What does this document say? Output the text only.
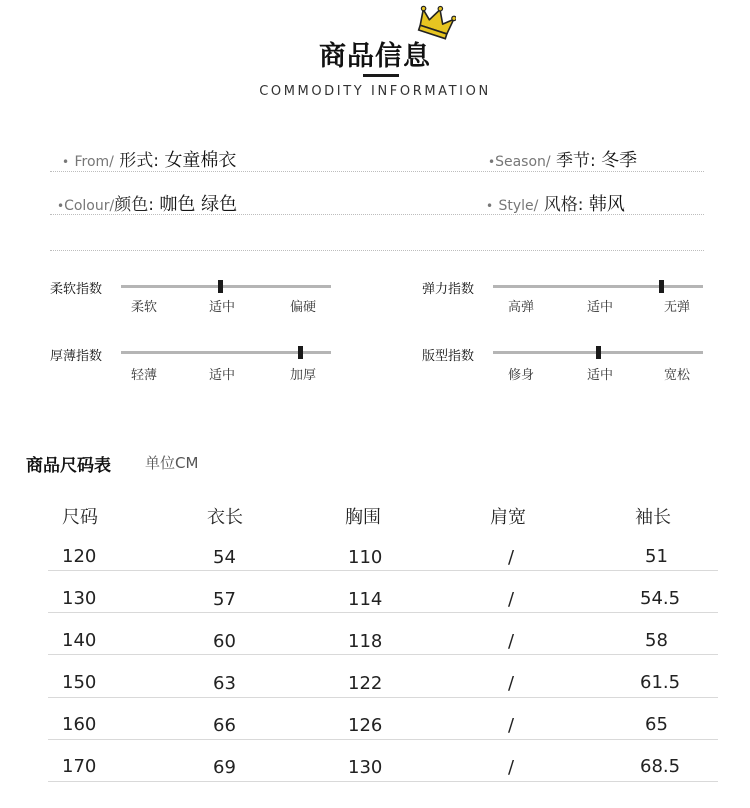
商品信息
COMMODITY INFORMATION
• From/ 形式: 女童棉衣	•Season/ 季节: 冬季
•Colour/颜色: 咖色 绿色	• Style/ 风格: 韩风
柔软指数
柔软	适中	偏硬
弹力指数
高弹	适中	无弹
厚薄指数
轻薄	适中	加厚
版型指数
修身	适中	宽松
商品尺码表 单位CM
尺码	衣长	胸围	肩宽	袖长
120	54	110	/	51
130	57	114	/	54.5
140	60	118	/	58
150	63	122	/	61.5
160	66	126	/	65
170	69	130	/	68.5
